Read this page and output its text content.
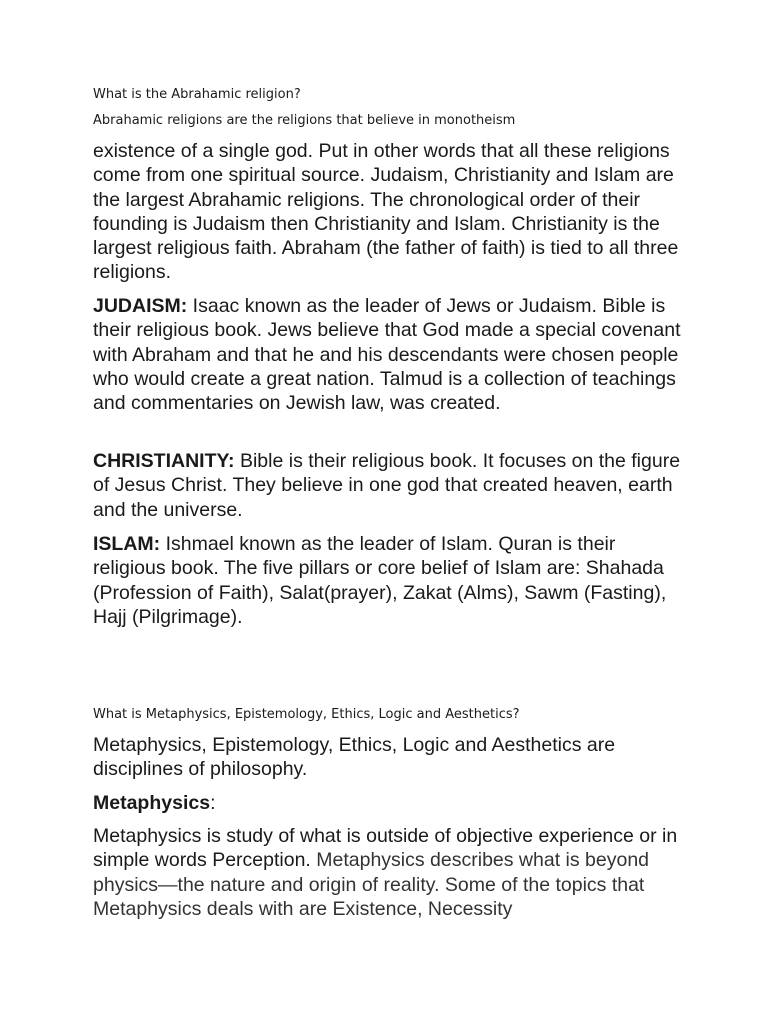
What is the Abrahamic religion?

Abrahamic religions are the religions that believe in monotheism

existence of a single god. Put in other words that all these religions come from one spiritual source. Judaism, Christianity and Islam are the largest Abrahamic religions. The chronological order of their founding is Judaism then Christianity and Islam. Christianity is the largest religious faith. Abraham (the father of faith) is tied to all three religions.

JUDAISM: Isaac known as the leader of Jews or Judaism. Bible is their religious book. Jews believe that God made a special covenant with Abraham and that he and his descendants were chosen people who would create a great nation. Talmud is a collection of teachings and commentaries on Jewish law, was created.

CHRISTIANITY: Bible is their religious book. It focuses on the figure of Jesus Christ. They believe in one god that created heaven, earth and the universe.

ISLAM: Ishmael known as the leader of Islam. Quran is their religious book. The five pillars or core belief of Islam are: Shahada (Profession of Faith), Salat(prayer), Zakat (Alms), Sawm (Fasting), Hajj (Pilgrimage).

What is Metaphysics, Epistemology, Ethics, Logic and Aesthetics?

Metaphysics, Epistemology, Ethics, Logic and Aesthetics are disciplines of philosophy.

Metaphysics:

Metaphysics is study of what is outside of objective experience or in simple words Perception. Metaphysics describes what is beyond physics—the nature and origin of reality. Some of the topics that Metaphysics deals with are Existence, Necessity
